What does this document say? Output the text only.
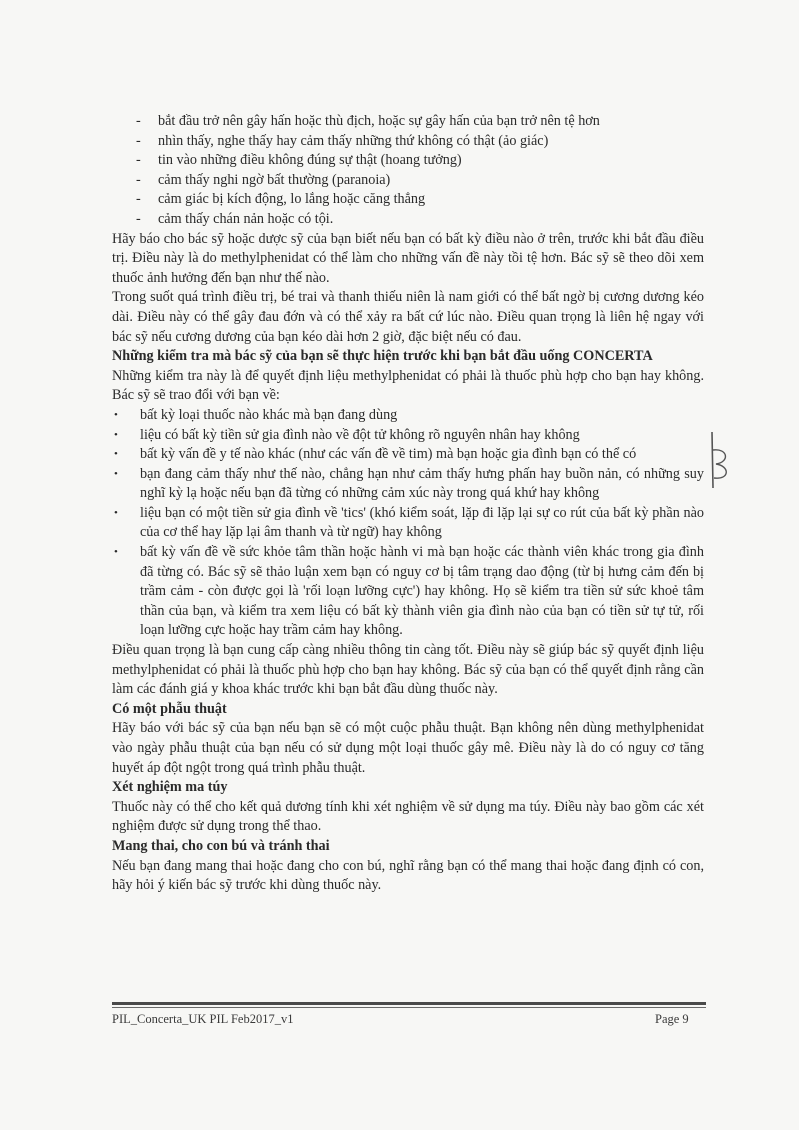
- bắt đầu trở nên gây hấn hoặc thù địch, hoặc sự gây hấn của bạn trở nên tệ hơn
- nhìn thấy, nghe thấy hay cảm thấy những thứ không có thật (ảo giác)
- tin vào những điều không đúng sự thật (hoang tưởng)
- cảm thấy nghi ngờ bất thường (paranoia)
- cảm giác bị kích động, lo lắng hoặc căng thẳng
- cảm thấy chán nản hoặc có tội.

Hãy báo cho bác sỹ hoặc dược sỹ của bạn biết nếu bạn có bất kỳ điều nào ở trên, trước khi bắt đầu điều trị. Điều này là do methylphenidat có thể làm cho những vấn đề này tồi tệ hơn. Bác sỹ sẽ theo dõi xem thuốc ảnh hưởng đến bạn như thế nào.

Trong suốt quá trình điều trị, bé trai và thanh thiếu niên là nam giới có thể bất ngờ bị cương dương kéo dài. Điều này có thể gây đau đớn và có thể xảy ra bất cứ lúc nào. Điều quan trọng là liên hệ ngay với bác sỹ nếu cương dương của bạn kéo dài hơn 2 giờ, đặc biệt nếu có đau.

Những kiểm tra mà bác sỹ của bạn sẽ thực hiện trước khi bạn bắt đầu uống CONCERTA

Những kiểm tra này là để quyết định liệu methylphenidat có phải là thuốc phù hợp cho bạn hay không. Bác sỹ sẽ trao đổi với bạn về:

• bất kỳ loại thuốc nào khác mà bạn đang dùng
• liệu có bất kỳ tiền sử gia đình nào về đột tử không rõ nguyên nhân hay không
• bất kỳ vấn đề y tế nào khác (như các vấn đề về tim) mà bạn hoặc gia đình bạn có thể có
• bạn đang cảm thấy như thế nào, chẳng hạn như cảm thấy hưng phấn hay buồn nản, có những suy nghĩ kỳ lạ hoặc nếu bạn đã từng có những cảm xúc này trong quá khứ hay không
• liệu bạn có một tiền sử gia đình về 'tics' (khó kiểm soát, lặp đi lặp lại sự co rút của bất kỳ phần nào của cơ thể hay lặp lại âm thanh và từ ngữ) hay không
• bất kỳ vấn đề về sức khỏe tâm thần hoặc hành vi mà bạn hoặc các thành viên khác trong gia đình đã từng có. Bác sỹ sẽ thảo luận xem bạn có nguy cơ bị tâm trạng dao động (từ bị hưng cảm đến bị trầm cảm - còn được gọi là 'rối loạn lưỡng cực') hay không. Họ sẽ kiểm tra tiền sử sức khoẻ tâm thần của bạn, và kiểm tra xem liệu có bất kỳ thành viên gia đình nào của bạn có tiền sử tự tử, rối loạn lưỡng cực hoặc hay trầm cảm hay không.

Điều quan trọng là bạn cung cấp càng nhiều thông tin càng tốt. Điều này sẽ giúp bác sỹ quyết định liệu methylphenidat có phải là thuốc phù hợp cho bạn hay không. Bác sỹ của bạn có thể quyết định rằng cần làm các đánh giá y khoa khác trước khi bạn bắt đầu dùng thuốc này.

Có một phẫu thuật

Hãy báo với bác sỹ của bạn nếu bạn sẽ có một cuộc phẫu thuật. Bạn không nên dùng methylphenidat vào ngày phẫu thuật của bạn nếu có sử dụng một loại thuốc gây mê. Điều này là do có nguy cơ tăng huyết áp đột ngột trong quá trình phẫu thuật.

Xét nghiệm ma túy

Thuốc này có thể cho kết quả dương tính khi xét nghiệm về sử dụng ma túy. Điều này bao gồm các xét nghiệm được sử dụng trong thể thao.

Mang thai, cho con bú và tránh thai

Nếu bạn đang mang thai hoặc đang cho con bú, nghĩ rằng bạn có thể mang thai hoặc đang định có con, hãy hỏi ý kiến bác sỹ trước khi dùng thuốc này.

PIL_Concerta_UK PIL Feb2017_v1	Page 9
